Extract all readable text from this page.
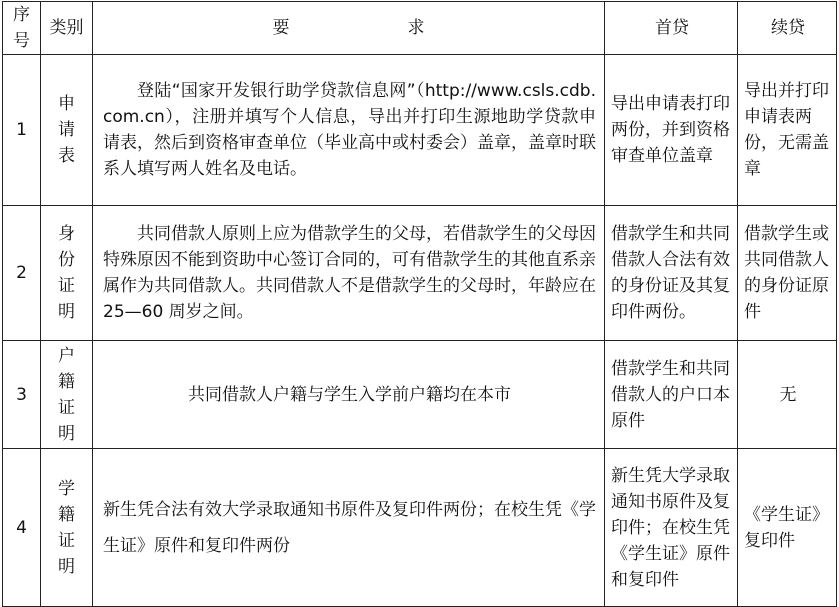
序号	类别	要求	首贷	续贷
1	申请表	登陆“国家开发银行助学贷款信息网”（http://www.csls.cdb.com.cn），注册并填写个人信息，导出并打印生源地助学贷款申请表，然后到资格审查单位（毕业高中或村委会）盖章，盖章时联系人填写两人姓名及电话。	导出申请表打印两份，并到资格审查单位盖章	导出并打印申请表两份，无需盖章
2	身份证明	共同借款人原则上应为借款学生的父母，若借款学生的父母因特殊原因不能到资助中心签订合同的，可有借款学生的其他直系亲属作为共同借款人。共同借款人不是借款学生的父母时，年龄应在 25—60 周岁之间。	借款学生和共同借款人合法有效的身份证及其复印件两份。	借款学生或共同借款人的身份证原件
3	户籍证明	共同借款人户籍与学生入学前户籍均在本市	借款学生和共同借款人的户口本原件	无
4	学籍证明	新生凭合法有效大学录取通知书原件及复印件两份；在校生凭《学生证》原件和复印件两份	新生凭大学录取通知书原件及复印件；在校生凭《学生证》原件和复印件	《学生证》复印件
